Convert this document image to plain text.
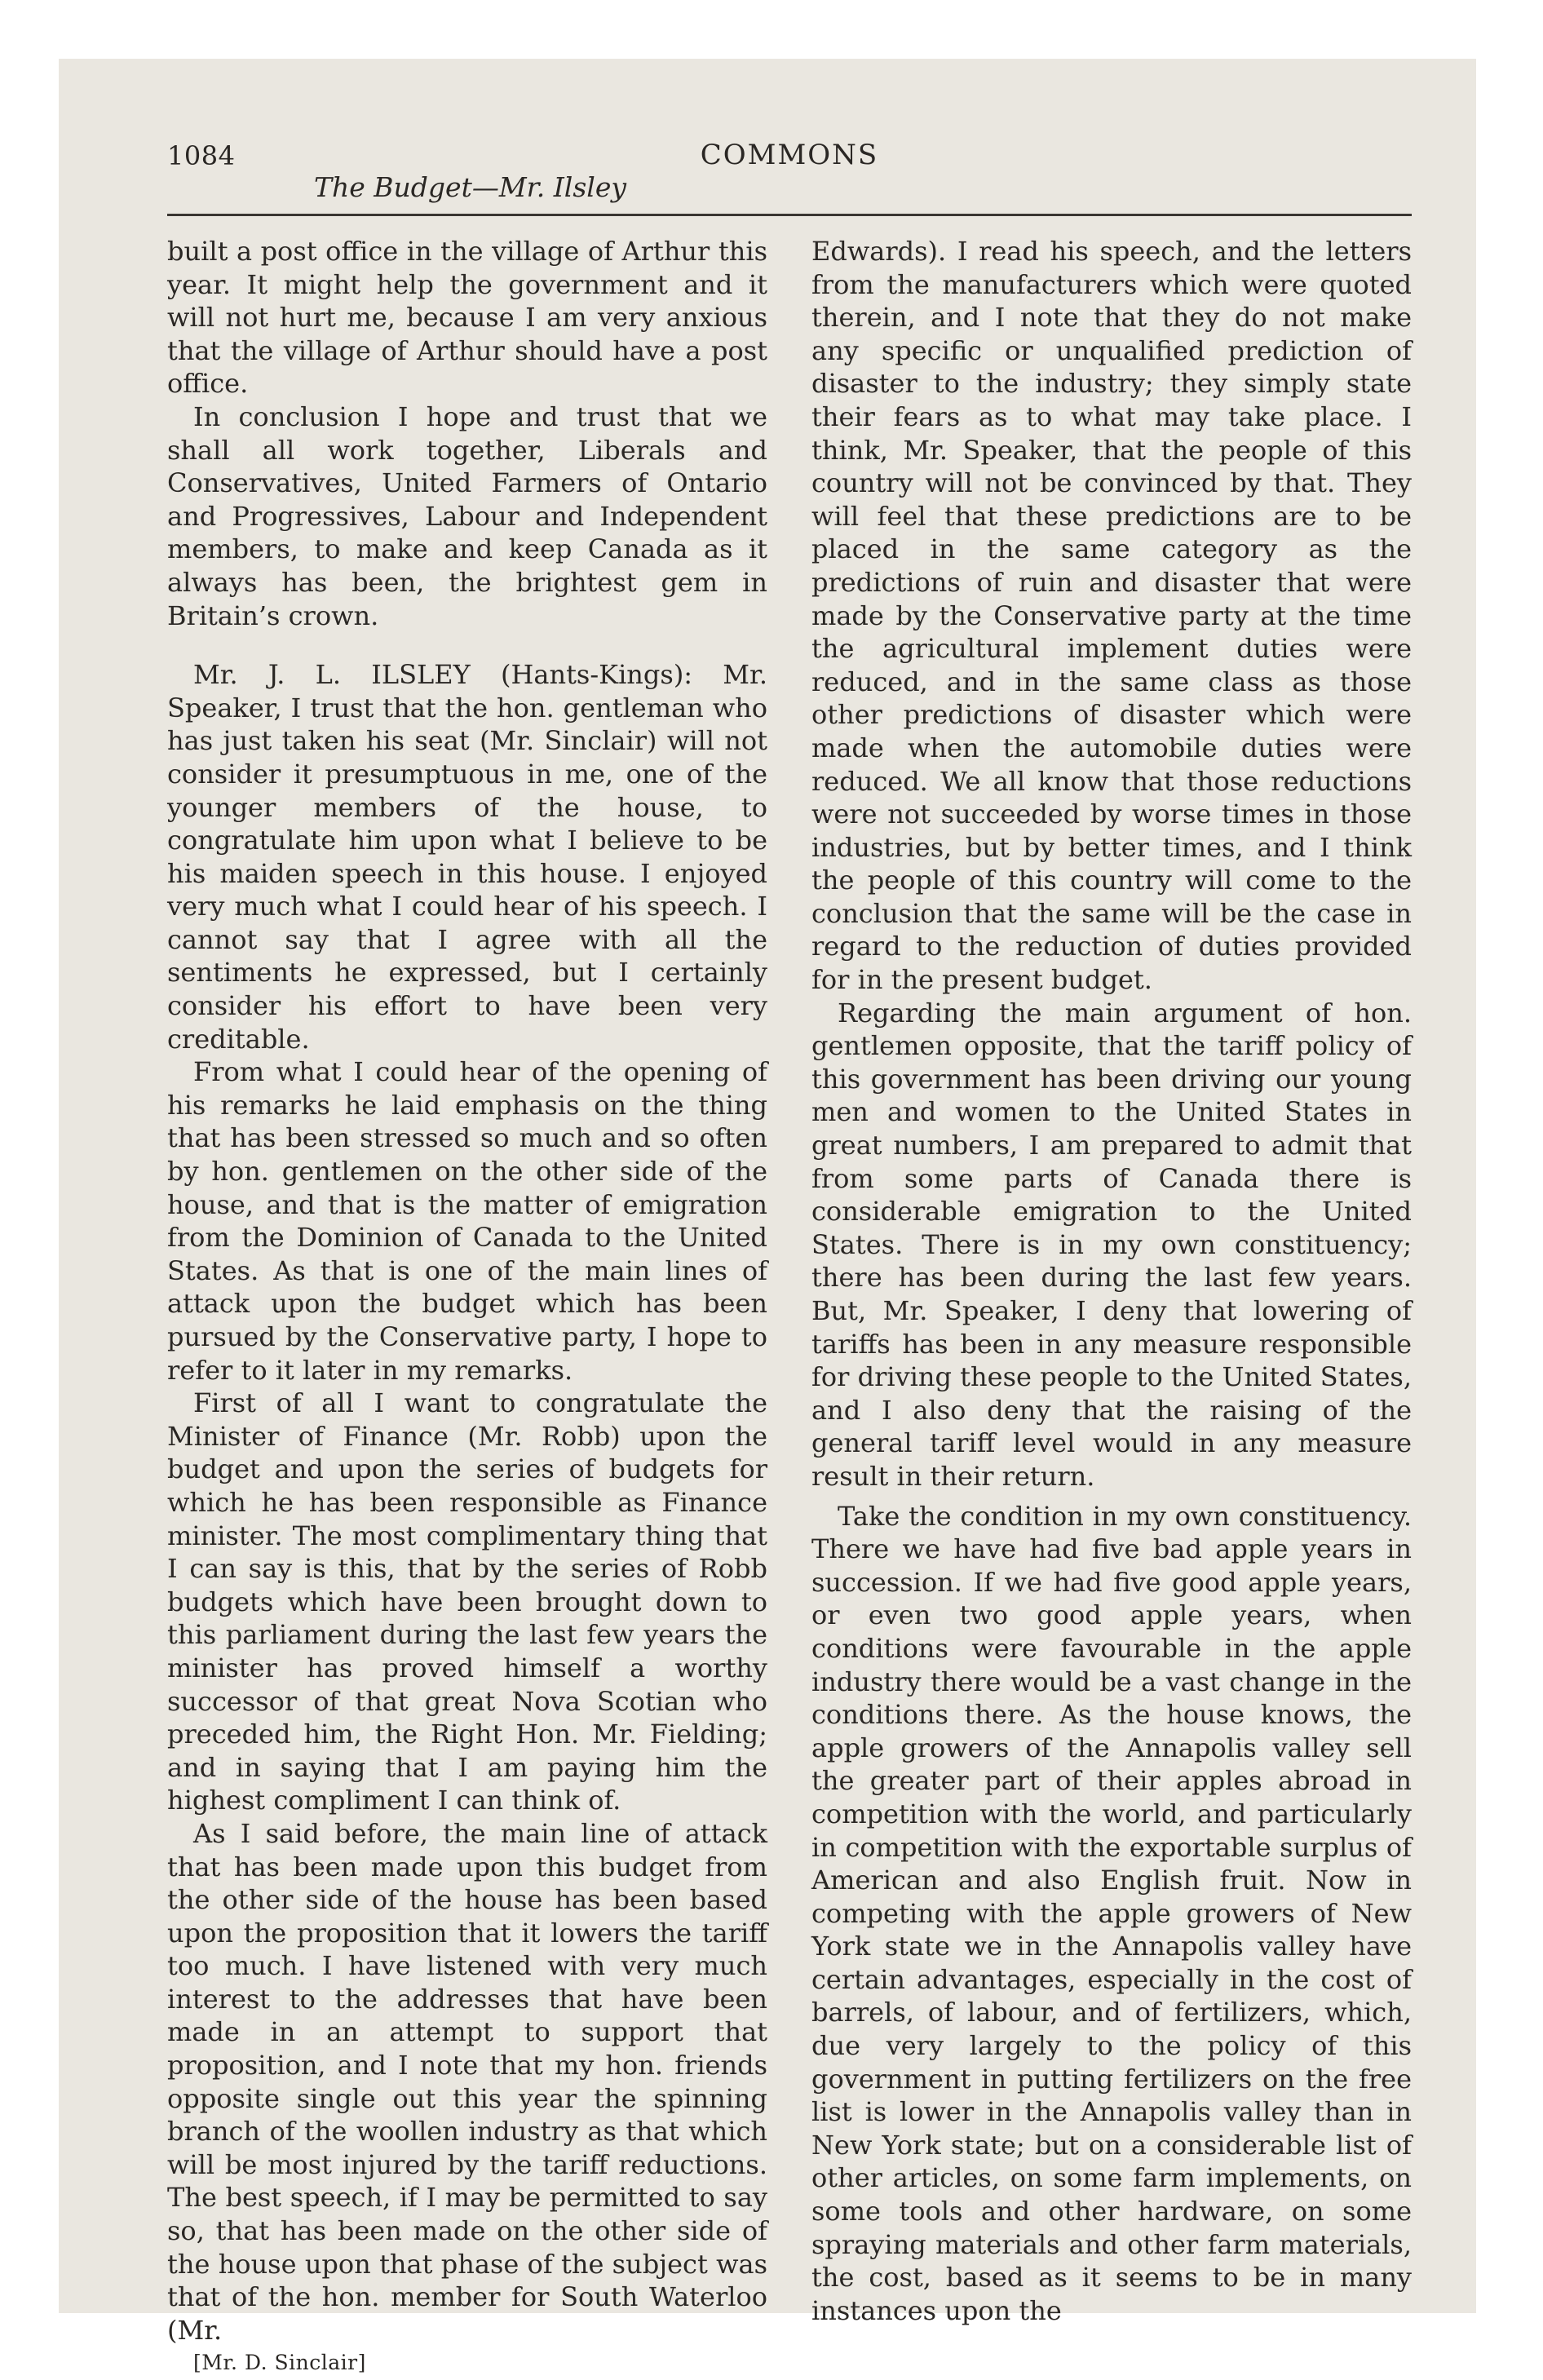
1084	COMMONS
The Budget—Mr. Ilsley

built a post office in the village of Arthur this year. It might help the government and it will not hurt me, because I am very anxious that the village of Arthur should have a post office.

In conclusion I hope and trust that we shall all work together, Liberals and Conservatives, United Farmers of Ontario and Progressives, Labour and Independent members, to make and keep Canada as it always has been, the brightest gem in Britain’s crown.

Mr. J. L. ILSLEY (Hants-Kings): Mr. Speaker, I trust that the hon. gentleman who has just taken his seat (Mr. Sinclair) will not consider it presumptuous in me, one of the younger members of the house, to congratulate him upon what I believe to be his maiden speech in this house. I enjoyed very much what I could hear of his speech. I cannot say that I agree with all the sentiments he expressed, but I certainly consider his effort to have been very creditable.

From what I could hear of the opening of his remarks he laid emphasis on the thing that has been stressed so much and so often by hon. gentlemen on the other side of the house, and that is the matter of emigration from the Dominion of Canada to the United States. As that is one of the main lines of attack upon the budget which has been pursued by the Conservative party, I hope to refer to it later in my remarks.

First of all I want to congratulate the Minister of Finance (Mr. Robb) upon the budget and upon the series of budgets for which he has been responsible as Finance minister. The most complimentary thing that I can say is this, that by the series of Robb budgets which have been brought down to this parliament during the last few years the minister has proved himself a worthy successor of that great Nova Scotian who preceded him, the Right Hon. Mr. Fielding; and in saying that I am paying him the highest compliment I can think of.

As I said before, the main line of attack that has been made upon this budget from the other side of the house has been based upon the proposition that it lowers the tariff too much. I have listened with very much interest to the addresses that have been made in an attempt to support that proposition, and I note that my hon. friends opposite single out this year the spinning branch of the woollen industry as that which will be most injured by the tariff reductions. The best speech, if I may be permitted to say so, that has been made on the other side of the house upon that phase of the subject was that of the hon. member for South Waterloo (Mr.

[Mr. D. Sinclair]

Edwards). I read his speech, and the letters from the manufacturers which were quoted therein, and I note that they do not make any specific or unqualified prediction of disaster to the industry; they simply state their fears as to what may take place. I think, Mr. Speaker, that the people of this country will not be convinced by that. They will feel that these predictions are to be placed in the same category as the predictions of ruin and disaster that were made by the Conservative party at the time the agricultural implement duties were reduced, and in the same class as those other predictions of disaster which were made when the automobile duties were reduced. We all know that those reductions were not succeeded by worse times in those industries, but by better times, and I think the people of this country will come to the conclusion that the same will be the case in regard to the reduction of duties provided for in the present budget.

Regarding the main argument of hon. gentlemen opposite, that the tariff policy of this government has been driving our young men and women to the United States in great numbers, I am prepared to admit that from some parts of Canada there is considerable emigration to the United States. There is in my own constituency; there has been during the last few years. But, Mr. Speaker, I deny that lowering of tariffs has been in any measure responsible for driving these people to the United States, and I also deny that the raising of the general tariff level would in any measure result in their return.

Take the condition in my own constituency. There we have had five bad apple years in succession. If we had five good apple years, or even two good apple years, when conditions were favourable in the apple industry there would be a vast change in the conditions there. As the house knows, the apple growers of the Annapolis valley sell the greater part of their apples abroad in competition with the world, and particularly in competition with the exportable surplus of American and also English fruit. Now in competing with the apple growers of New York state we in the Annapolis valley have certain advantages, especially in the cost of barrels, of labour, and of fertilizers, which, due very largely to the policy of this government in putting fertilizers on the free list is lower in the Annapolis valley than in New York state; but on a considerable list of other articles, on some farm implements, on some tools and other hardware, on some spraying materials and other farm materials, the cost, based as it seems to be in many instances upon the
